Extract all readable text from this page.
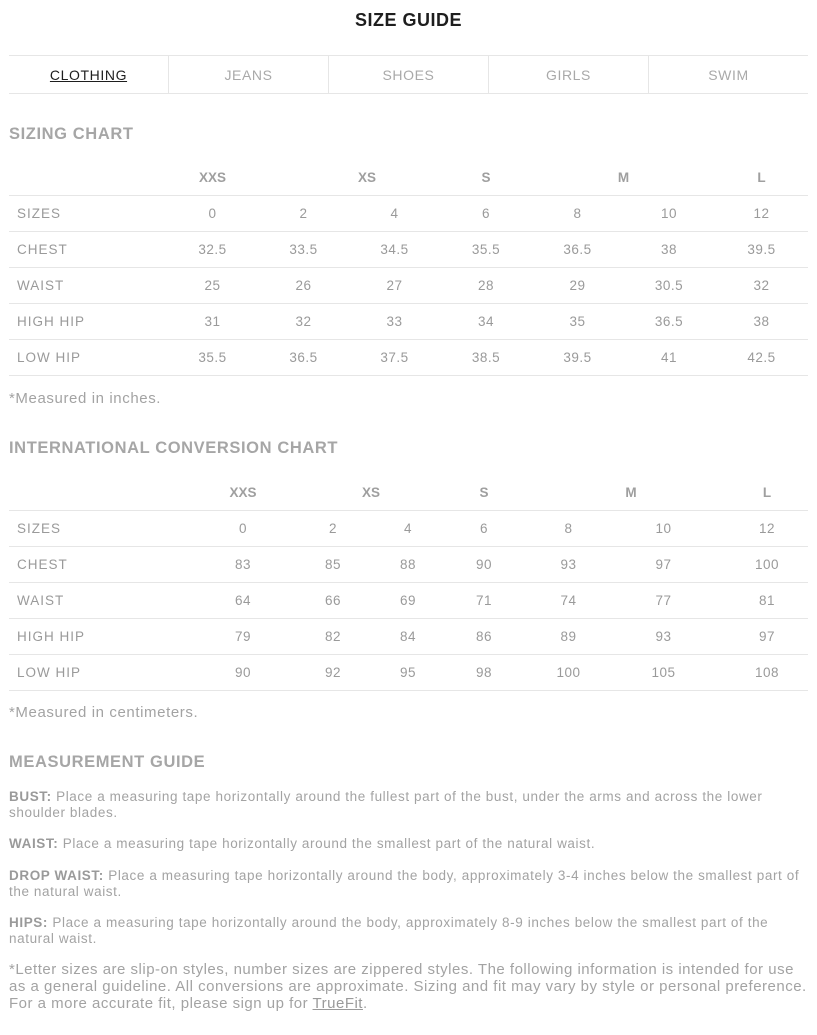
SIZE GUIDE
CLOTHING	JEANS	SHOES	GIRLS	SWIM
SIZING CHART
	XXS	XS		S	M		L
SIZES	0	2	4	6	8	10	12
CHEST	32.5	33.5	34.5	35.5	36.5	38	39.5
WAIST	25	26	27	28	29	30.5	32
HIGH HIP	31	32	33	34	35	36.5	38
LOW HIP	35.5	36.5	37.5	38.5	39.5	41	42.5
*Measured in inches.
INTERNATIONAL CONVERSION CHART
	XXS	XS		S	M		L
SIZES	0	2	4	6	8	10	12
CHEST	83	85	88	90	93	97	100
WAIST	64	66	69	71	74	77	81
HIGH HIP	79	82	84	86	89	93	97
LOW HIP	90	92	95	98	100	105	108
*Measured in centimeters.
MEASUREMENT GUIDE
BUST: Place a measuring tape horizontally around the fullest part of the bust, under the arms and across the lower shoulder blades.
WAIST: Place a measuring tape horizontally around the smallest part of the natural waist.
DROP WAIST: Place a measuring tape horizontally around the body, approximately 3-4 inches below the smallest part of the natural waist.
HIPS: Place a measuring tape horizontally around the body, approximately 8-9 inches below the smallest part of the natural waist.
*Letter sizes are slip-on styles, number sizes are zippered styles. The following information is intended for use as a general guideline. All conversions are approximate. Sizing and fit may vary by style or personal preference. For a more accurate fit, please sign up for TrueFit.
